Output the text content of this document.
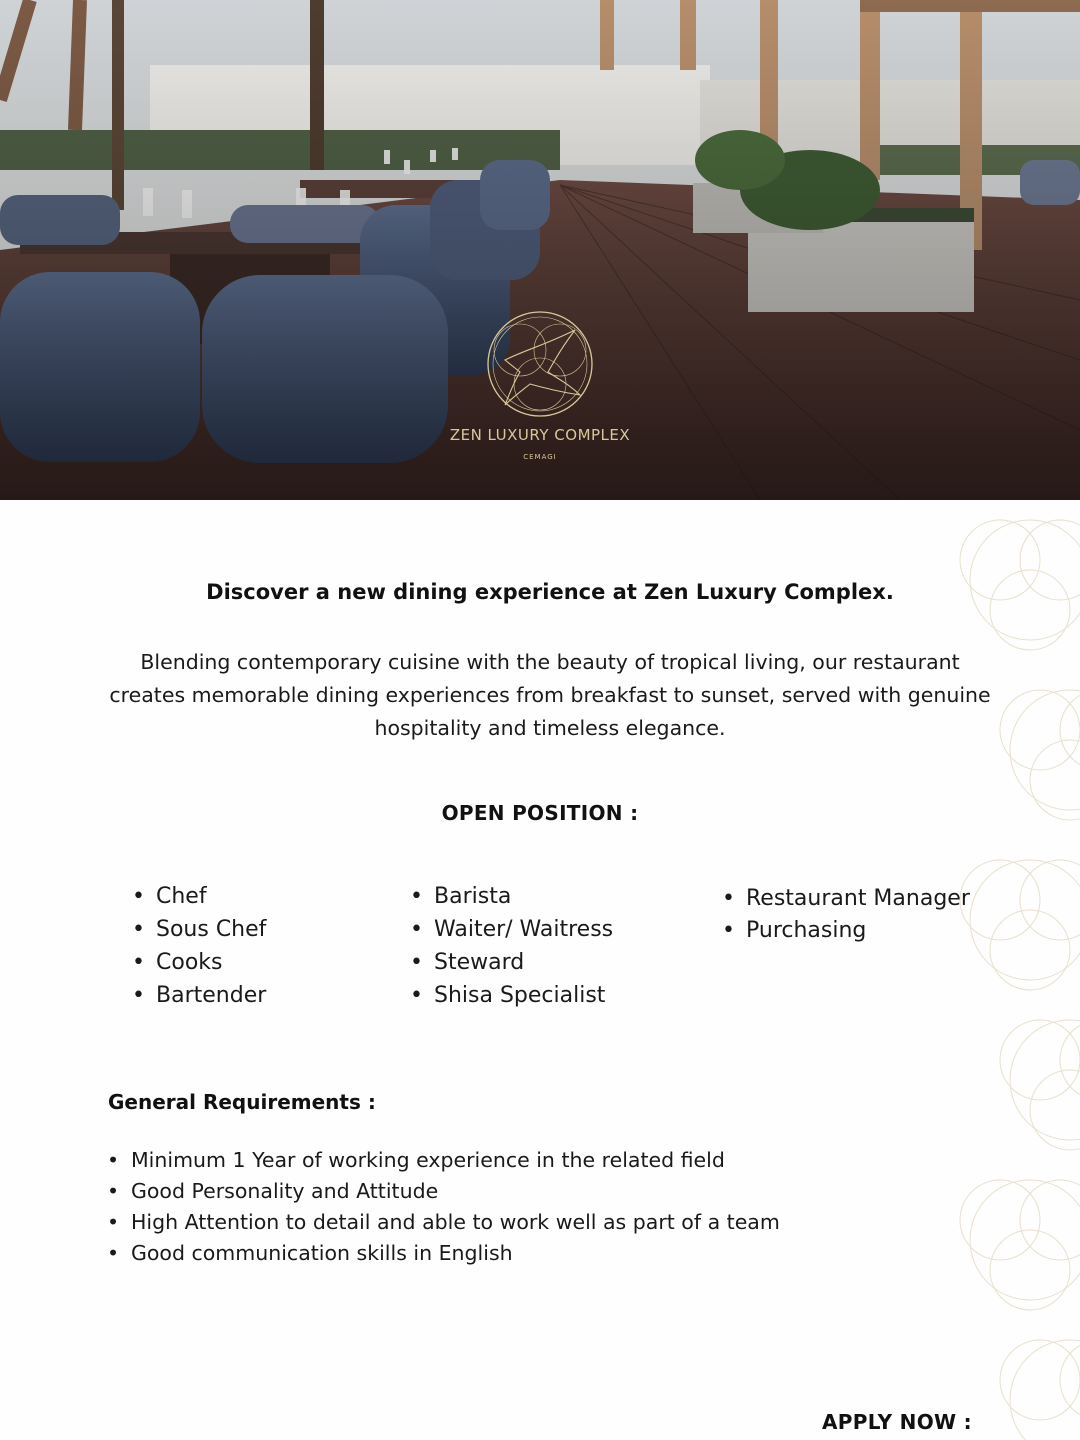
ZEN LUXURY COMPLEX
CEMAGI
Discover a new dining experience at Zen Luxury Complex.
Blending contemporary cuisine with the beauty of tropical living, our restaurant creates memorable dining experiences from breakfast to sunset, served with genuine hospitality and timeless elegance.
OPEN POSITION :
• Chef
• Sous Chef
• Cooks
• Bartender
• Barista
• Waiter/ Waitress
• Steward
• Shisa Specialist
• Restaurant Manager
• Purchasing
General Requirements :
• Minimum 1 Year of working experience in the related field
• Good Personality and Attitude
• High Attention to detail and able to work well as part of a team
• Good communication skills in English
APPLY NOW :
